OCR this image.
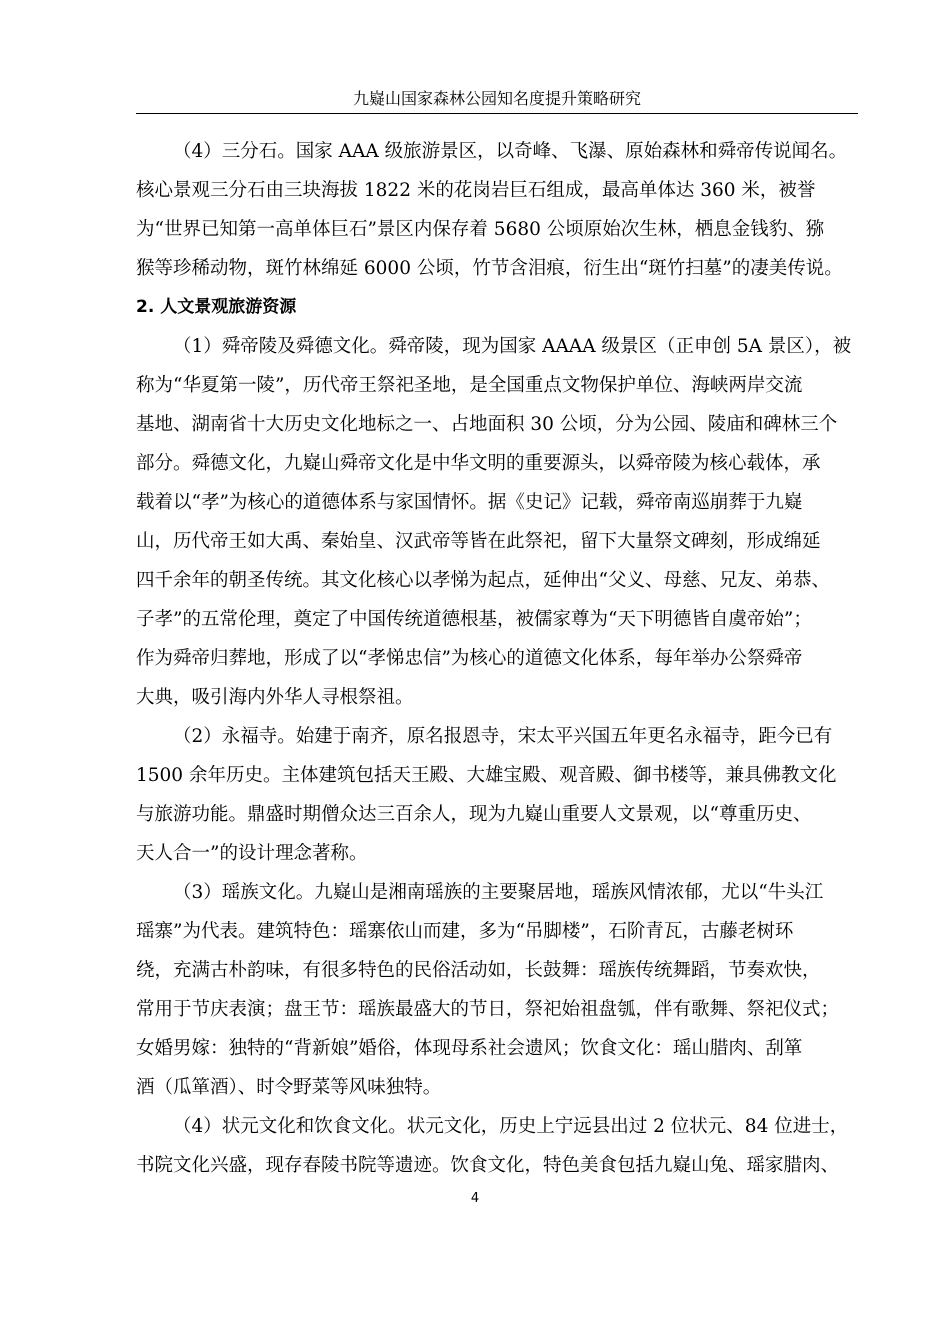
九嶷山国家森林公园知名度提升策略研究

（4）三分石。国家 AAA 级旅游景区，以奇峰、飞瀑、原始森林和舜帝传说闻名。
核心景观三分石由三块海拔 1822 米的花岗岩巨石组成，最高单体达 360 米，被誉
为“世界已知第一高单体巨石”景区内保存着 5680 公顷原始次生林，栖息金钱豹、猕
猴等珍稀动物，斑竹林绵延 6000 公顷，竹节含泪痕，衍生出“斑竹扫墓”的凄美传说。

2. 人文景观旅游资源

（1）舜帝陵及舜德文化。舜帝陵，现为国家 AAAA 级景区（正申创 5A 景区），被
称为“华夏第一陵”，历代帝王祭祀圣地，是全国重点文物保护单位、海峡两岸交流
基地、湖南省十大历史文化地标之一、占地面积 30 公顷，分为公园、陵庙和碑林三个
部分。舜德文化，九嶷山舜帝文化是中华文明的重要源头，以舜帝陵为核心载体，承
载着以“孝”为核心的道德体系与家国情怀。据《史记》记载，舜帝南巡崩葬于九嶷
山，历代帝王如大禹、秦始皇、汉武帝等皆在此祭祀，留下大量祭文碑刻，形成绵延
四千余年的朝圣传统。其文化核心以孝悌为起点，延伸出“父义、母慈、兄友、弟恭、
子孝”的五常伦理，奠定了中国传统道德根基，被儒家尊为“天下明德皆自虞帝始”；
作为舜帝归葬地，形成了以“孝悌忠信”为核心的道德文化体系，每年举办公祭舜帝
大典，吸引海内外华人寻根祭祖。

（2）永福寺。始建于南齐，原名报恩寺，宋太平兴国五年更名永福寺，距今已有
1500 余年历史。主体建筑包括天王殿、大雄宝殿、观音殿、御书楼等，兼具佛教文化
与旅游功能。鼎盛时期僧众达三百余人，现为九嶷山重要人文景观，以“尊重历史、
天人合一”的设计理念著称。

（3）瑶族文化。九嶷山是湘南瑶族的主要聚居地，瑶族风情浓郁，尤以“牛头江
瑶寨”为代表。建筑特色：瑶寨依山而建，多为“吊脚楼”，石阶青瓦，古藤老树环
绕，充满古朴韵味，有很多特色的民俗活动如，长鼓舞：瑶族传统舞蹈，节奏欢快，
常用于节庆表演；盘王节：瑶族最盛大的节日，祭祀始祖盘瓠，伴有歌舞、祭祀仪式；
女婚男嫁：独特的“背新娘”婚俗，体现母系社会遗风；饮食文化：瑶山腊肉、刮箪
酒（瓜箪酒）、时令野菜等风味独特。

（4）状元文化和饮食文化。状元文化，历史上宁远县出过 2 位状元、84 位进士，
书院文化兴盛，现存春陵书院等遗迹。饮食文化，特色美食包括九嶷山兔、瑶家腊肉、

4
